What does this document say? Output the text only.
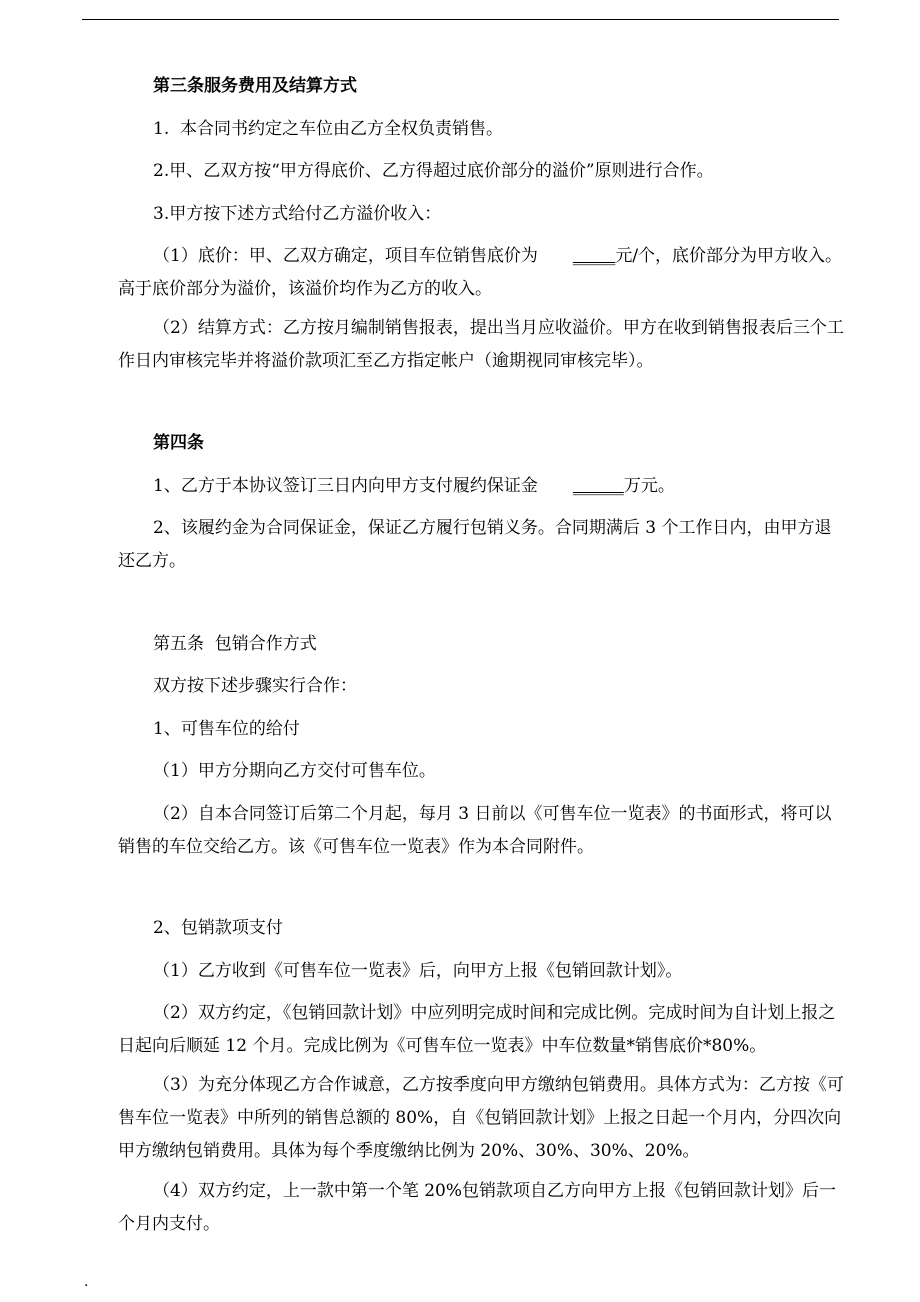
第三条服务费用及结算方式

1.  本合同书约定之车位由乙方全权负责销售。

2.甲、乙双方按“甲方得底价、乙方得超过底价部分的溢价”原则进行合作。

3.甲方按下述方式给付乙方溢价收入：

（1）底价：甲、乙双方确定，项目车位销售底价为 _____元/个，底价部分为甲方收入。高于底价部分为溢价，该溢价均作为乙方的收入。

（2）结算方式：乙方按月编制销售报表，提出当月应收溢价。甲方在收到销售报表后三个工作日内审核完毕并将溢价款项汇至乙方指定帐户（逾期视同审核完毕）。

第四条

1、乙方于本协议签订三日内向甲方支付履约保证金 ______万元。

2、该履约金为合同保证金，保证乙方履行包销义务。合同期满后 3 个工作日内，由甲方退还乙方。

第五条  包销合作方式

双方按下述步骤实行合作：

1、可售车位的给付

（1）甲方分期向乙方交付可售车位。

（2）自本合同签订后第二个月起，每月 3 日前以《可售车位一览表》的书面形式，将可以销售的车位交给乙方。该《可售车位一览表》作为本合同附件。

2、包销款项支付

（1）乙方收到《可售车位一览表》后，向甲方上报《包销回款计划》。

（2）双方约定，《包销回款计划》中应列明完成时间和完成比例。完成时间为自计划上报之日起向后顺延 12 个月。完成比例为《可售车位一览表》中车位数量*销售底价*80%。

（3）为充分体现乙方合作诚意，乙方按季度向甲方缴纳包销费用。具体方式为：乙方按《可售车位一览表》中所列的销售总额的 80%，自《包销回款计划》上报之日起一个月内，分四次向甲方缴纳包销费用。具体为每个季度缴纳比例为 20%、30%、30%、20%。

（4）双方约定，上一款中第一个笔 20%包销款项自乙方向甲方上报《包销回款计划》后一个月内支付。

.
